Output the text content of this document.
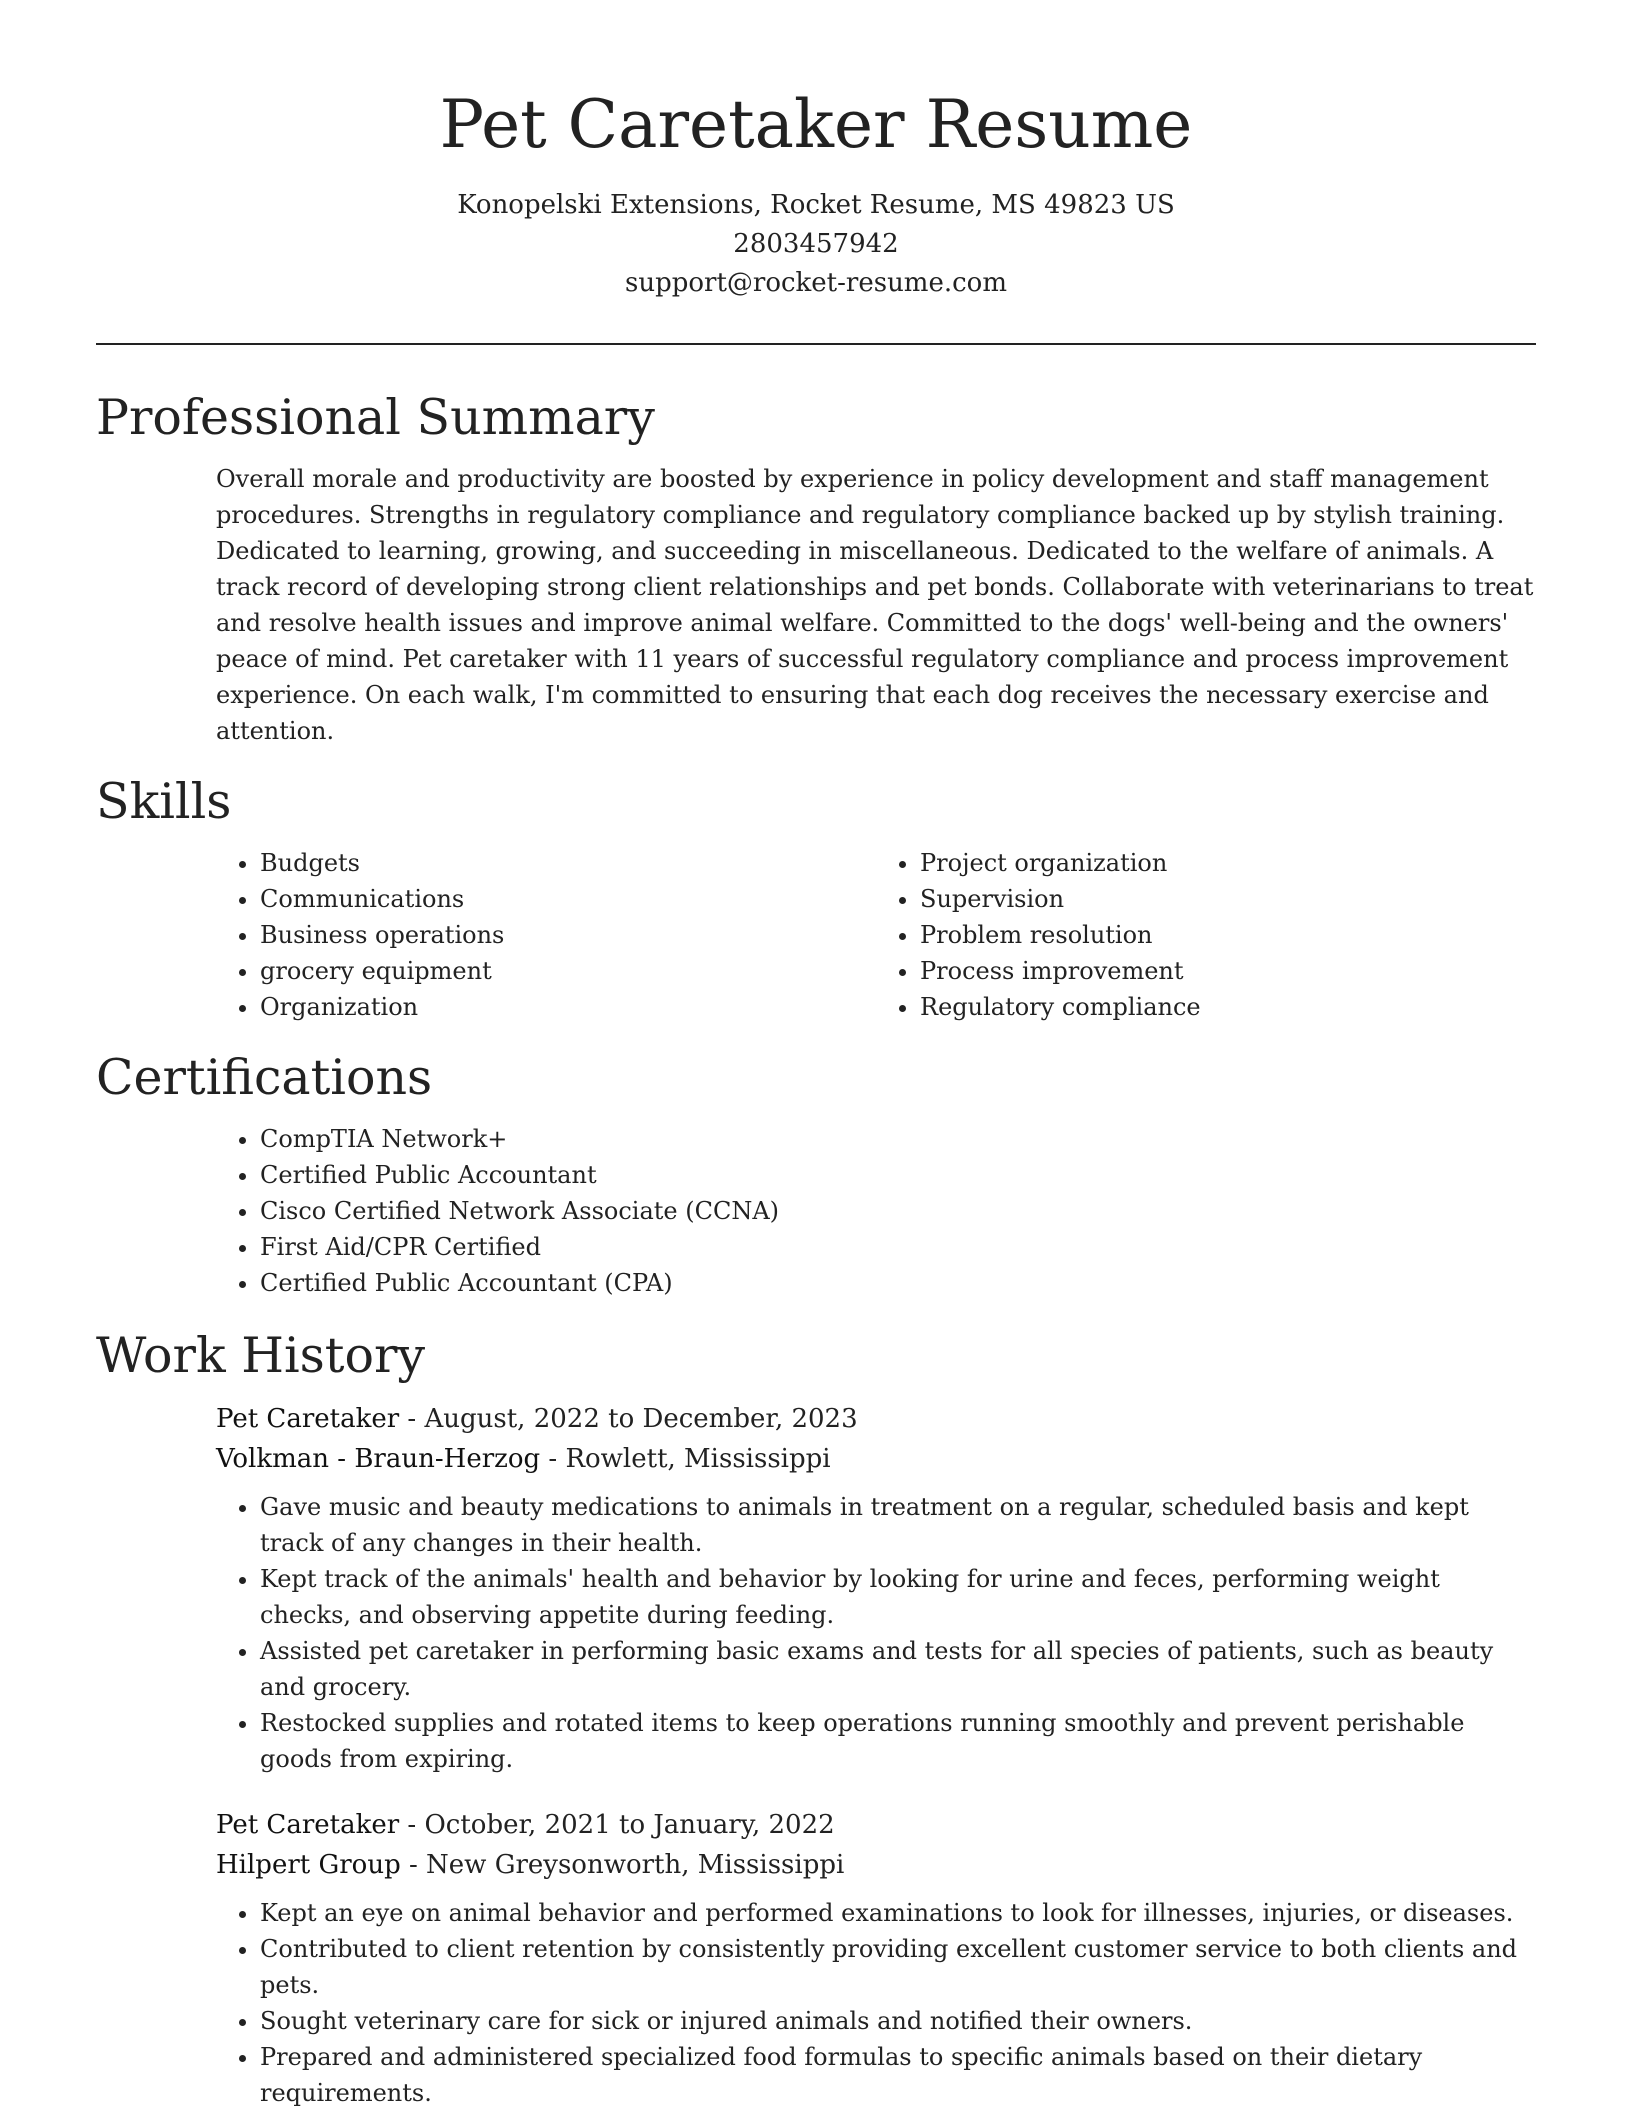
Pet Caretaker Resume
Konopelski Extensions, Rocket Resume, MS 49823 US
2803457942
support@rocket-resume.com
Professional Summary

Overall morale and productivity are boosted by experience in policy development and staff management procedures. Strengths in regulatory compliance and regulatory compliance backed up by stylish training. Dedicated to learning, growing, and succeeding in miscellaneous. Dedicated to the welfare of animals. A track record of developing strong client relationships and pet bonds. Collaborate with veterinarians to treat and resolve health issues and improve animal welfare. Committed to the dogs' well-being and the owners' peace of mind. Pet caretaker with 11 years of successful regulatory compliance and process improvement experience. On each walk, I'm committed to ensuring that each dog receives the necessary exercise and attention.

Skills
• Budgets
• Communications
• Business operations
• grocery equipment
• Organization
• Project organization
• Supervision
• Problem resolution
• Process improvement
• Regulatory compliance
Certifications
• CompTIA Network+
• Certified Public Accountant
• Cisco Certified Network Associate (CCNA)
• First Aid/CPR Certified
• Certified Public Accountant (CPA)
Work History
Pet Caretaker - August, 2022 to December, 2023
Volkman - Braun-Herzog - Rowlett, Mississippi
• Gave music and beauty medications to animals in treatment on a regular, scheduled basis and kept track of any changes in their health.
• Kept track of the animals' health and behavior by looking for urine and feces, performing weight checks, and observing appetite during feeding.
• Assisted pet caretaker in performing basic exams and tests for all species of patients, such as beauty and grocery.
• Restocked supplies and rotated items to keep operations running smoothly and prevent perishable goods from expiring.
Pet Caretaker - October, 2021 to January, 2022
Hilpert Group - New Greysonworth, Mississippi
• Kept an eye on animal behavior and performed examinations to look for illnesses, injuries, or diseases.
• Contributed to client retention by consistently providing excellent customer service to both clients and pets.
• Sought veterinary care for sick or injured animals and notified their owners.
• Prepared and administered specialized food formulas to specific animals based on their dietary requirements.
